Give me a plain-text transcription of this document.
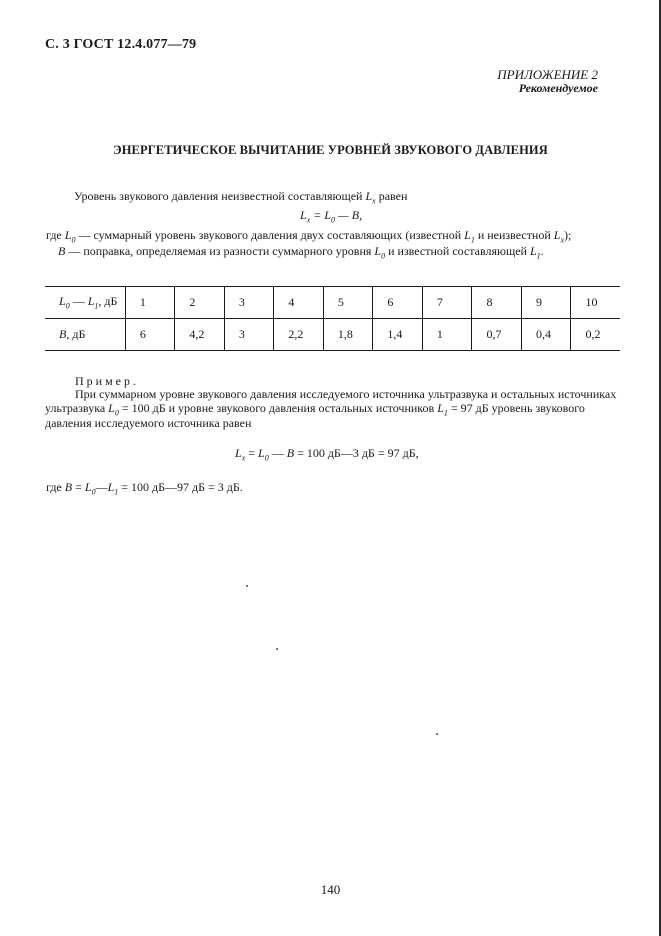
С. 3 ГОСТ 12.4.077—79
ПРИЛОЖЕНИЕ 2
Рекомендуемое
ЭНЕРГЕТИЧЕСКОЕ ВЫЧИТАНИЕ УРОВНЕЙ ЗВУКОВОГО ДАВЛЕНИЯ
Уровень звукового давления неизвестной составляющей $L_x$ равен
$L_x = L_0$ — B,
где $L_0$ — суммарный уровень звукового давления двух составляющих (известной $L_1$ и неизвестной $L_x$);
B — поправка, определяемая из разности суммарного уровня $L_0$ и известной составляющей $L_1$.
$L_0$ — $L_1$, дБ	1	2	3	4	5	6	7	8	9	10
B, дБ	6	4,2	3	2,2	1,8	1,4	1	0,7	0,4	0,2
Пример.
При суммарном уровне звукового давления исследуемого источника ультразвука и остальных источниках
ультразвука $L_0 = 100$ дБ и уровне звукового давления остальных источников $L_1 = 97$ дБ уровень звукового
давления исследуемого источника равен
$L_x = L_0$ — B = 100 дБ—3 дБ = 97 дБ,
где $B = L_0—L_1 = 100$ дБ—97 дБ = 3 дБ.
140
